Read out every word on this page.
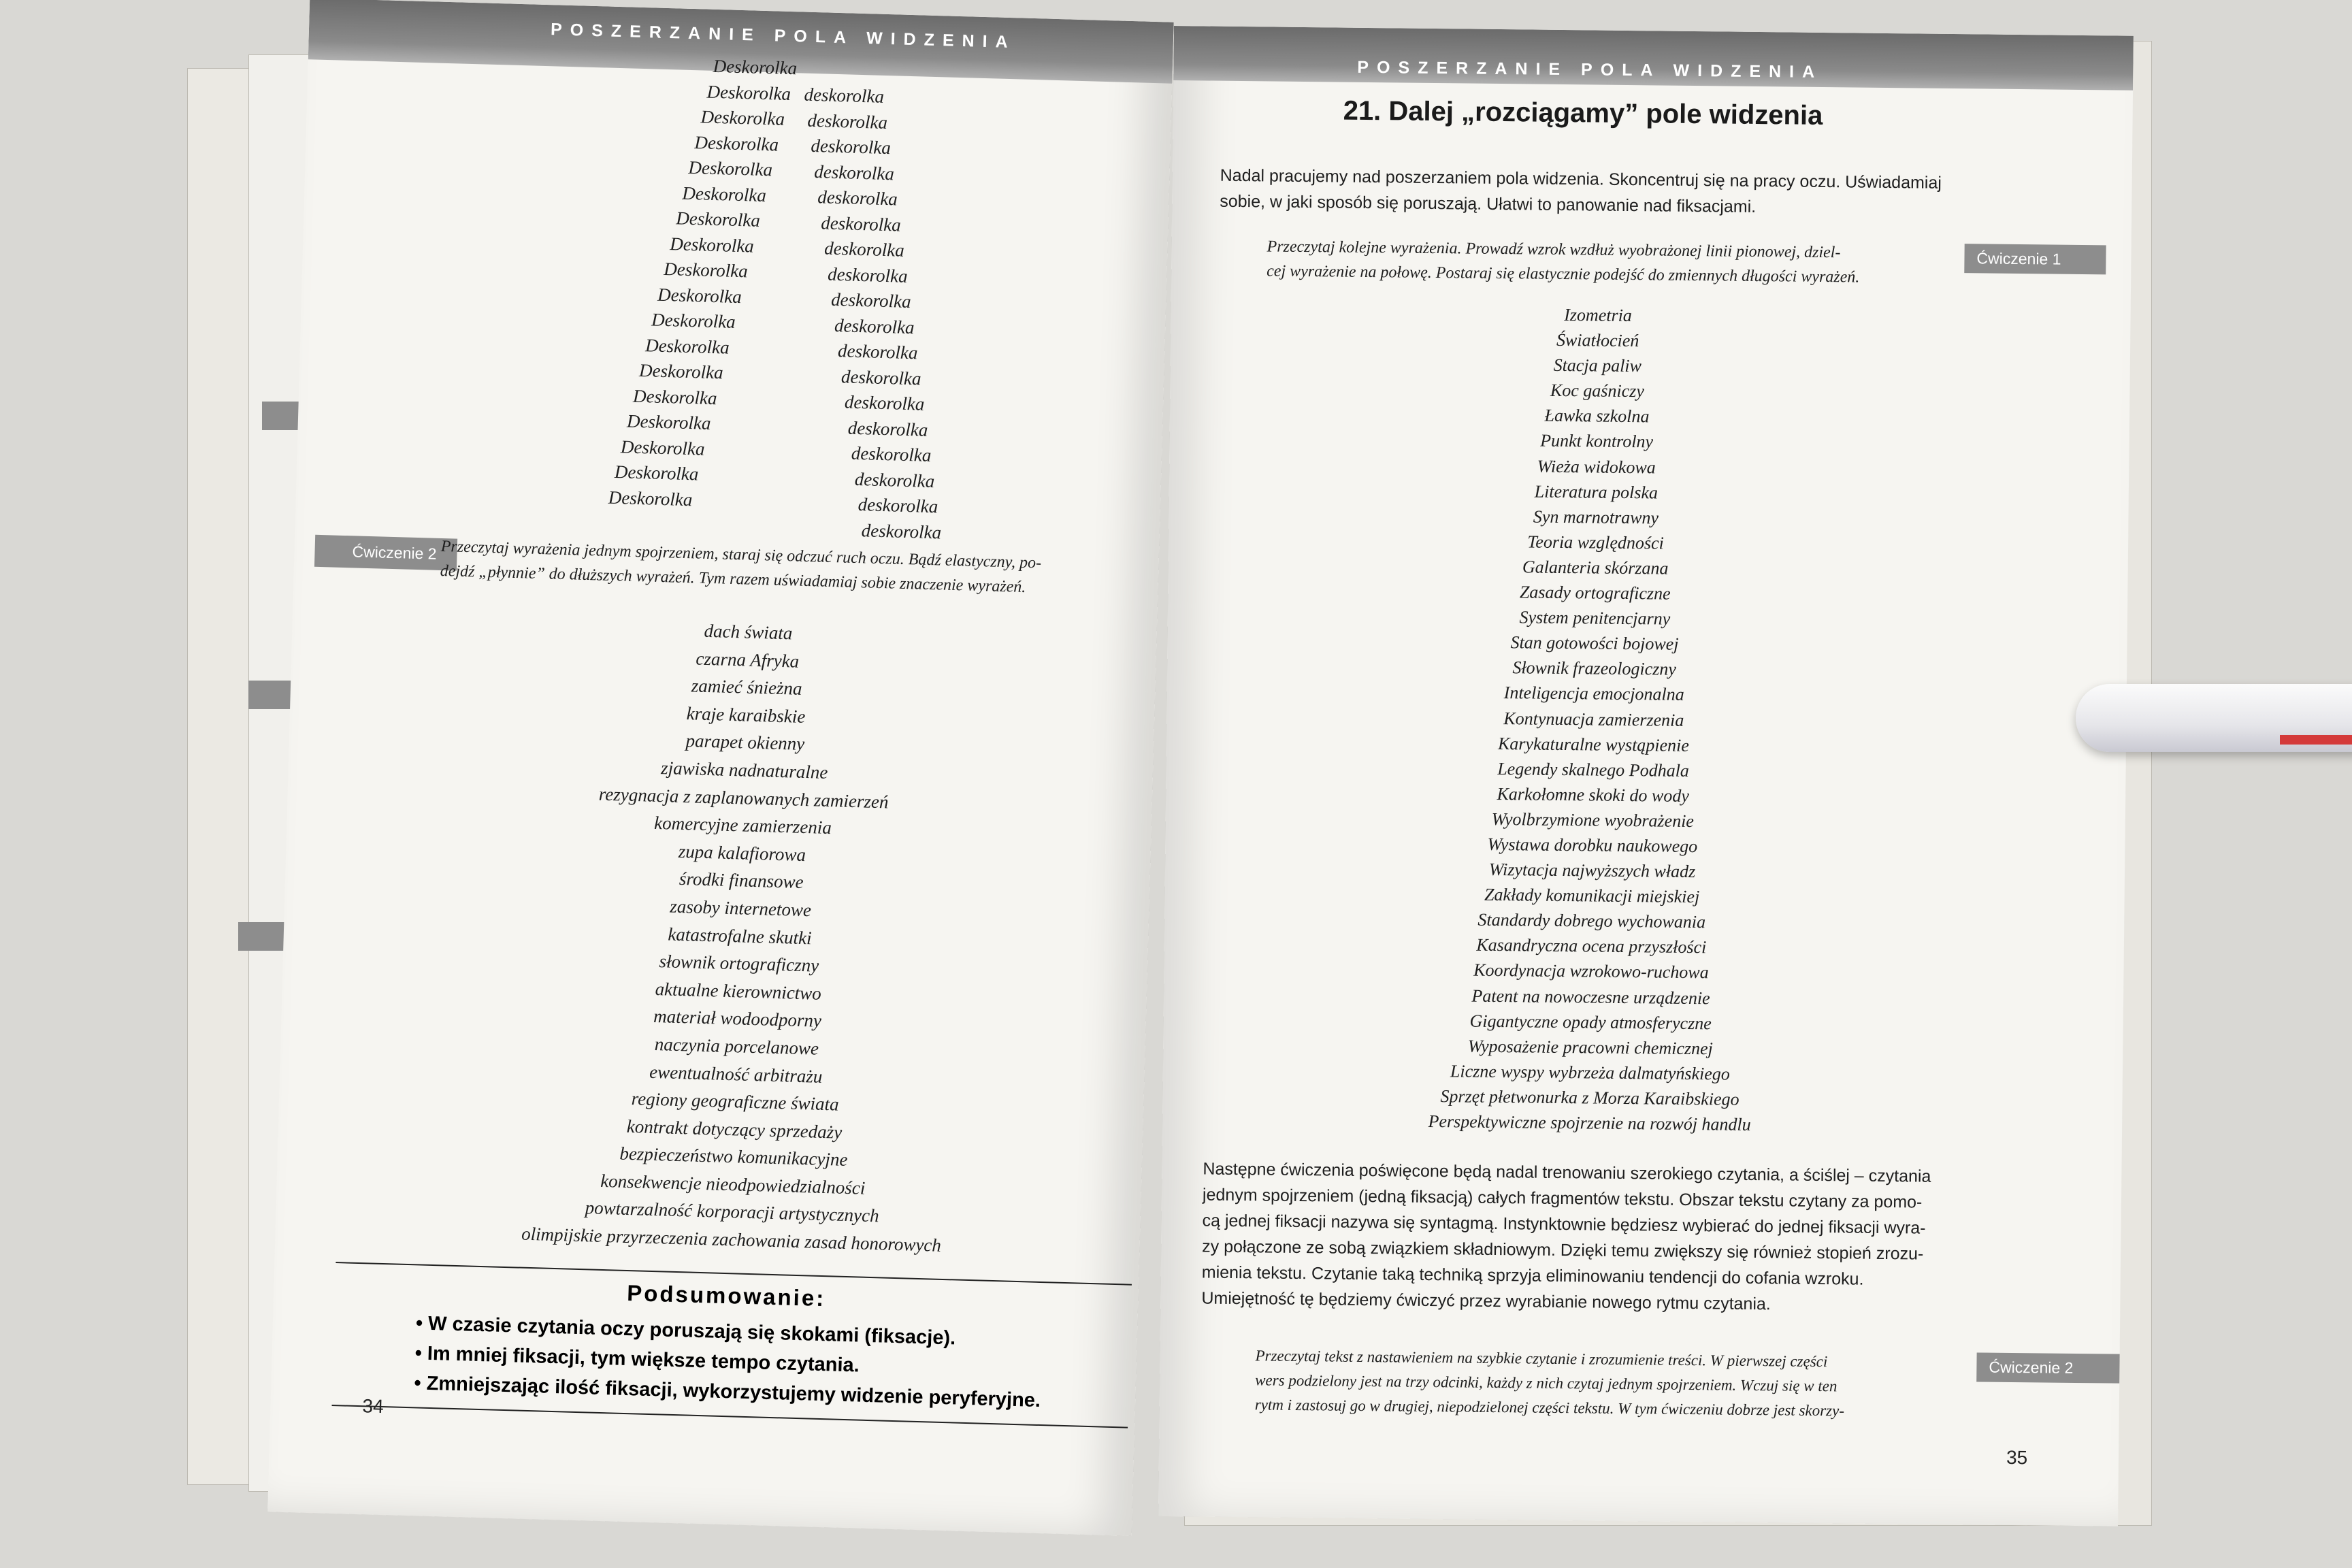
POSZERZANIE POLA WIDZENIA
Deskorolka
Deskorolka
Deskorolka
Deskorolka
Deskorolka
Deskorolka
Deskorolka
Deskorolka
Deskorolka
Deskorolka
Deskorolka
Deskorolka
Deskorolka
Deskorolka
Deskorolka
Deskorolka
Deskorolka
Deskorolka
deskorolka
deskorolka
deskorolka
deskorolka
deskorolka
deskorolka
deskorolka
deskorolka
deskorolka
deskorolka
deskorolka
deskorolka
deskorolka
deskorolka
deskorolka
deskorolka
deskorolka
deskorolka
Ćwiczenie 2 Przeczytaj wyrażenia jednym spojrzeniem, staraj się odczuć ruch oczu. Bądź elastyczny, po-
dejdź „płynnie” do dłuższych wyrażeń. Tym razem uświadamiaj sobie znaczenie wyrażeń.
dach świata
czarna Afryka
zamieć śnieżna
kraje karaibskie
parapet okienny
zjawiska nadnaturalne
rezygnacja z zaplanowanych zamierzeń
komercyjne zamierzenia
zupa kalafiorowa
środki finansowe
zasoby internetowe
katastrofalne skutki
słownik ortograficzny
aktualne kierownictwo
materiał wodoodporny
naczynia porcelanowe
ewentualność arbitrażu
regiony geograficzne świata
kontrakt dotyczący sprzedaży
bezpieczeństwo komunikacyjne
konsekwencje nieodpowiedzialności
powtarzalność korporacji artystycznych
olimpijskie przyrzeczenia zachowania zasad honorowych
Podsumowanie:
• W czasie czytania oczy poruszają się skokami (fiksacje).
• Im mniej fiksacji, tym większe tempo czytania.
• Zmniejszając ilość fiksacji, wykorzystujemy widzenie peryferyjne.
34
POSZERZANIE POLA WIDZENIA
21. Dalej „rozciągamy” pole widzenia
Nadal pracujemy nad poszerzaniem pola widzenia. Skoncentruj się na pracy oczu. Uświadamiaj
sobie, w jaki sposób się poruszają. Ułatwi to panowanie nad fiksacjami.
Przeczytaj kolejne wyrażenia. Prowadź wzrok wzdłuż wyobrażonej linii pionowej, dziel-
cej wyrażenie na połowę. Postaraj się elastycznie podejść do zmiennych długości wyrażeń.
Ćwiczenie 1
Izometria
Światłocień
Stacja paliw
Koc gaśniczy
Ławka szkolna
Punkt kontrolny
Wieża widokowa
Literatura polska
Syn marnotrawny
Teoria względności
Galanteria skórzana
Zasady ortograficzne
System penitencjarny
Stan gotowości bojowej
Słownik frazeologiczny
Inteligencja emocjonalna
Kontynuacja zamierzenia
Karykaturalne wystąpienie
Legendy skalnego Podhala
Karkołomne skoki do wody
Wyolbrzymione wyobrażenie
Wystawa dorobku naukowego
Wizytacja najwyższych władz
Zakłady komunikacji miejskiej
Standardy dobrego wychowania
Kasandryczna ocena przyszłości
Koordynacja wzrokowo-ruchowa
Patent na nowoczesne urządzenie
Gigantyczne opady atmosferyczne
Wyposażenie pracowni chemicznej
Liczne wyspy wybrzeża dalmatyńskiego
Sprzęt płetwonurka z Morza Karaibskiego
Perspektywiczne spojrzenie na rozwój handlu
Następne ćwiczenia poświęcone będą nadal trenowaniu szerokiego czytania, a ściślej – czytania
jednym spojrzeniem (jedną fiksacją) całych fragmentów tekstu. Obszar tekstu czytany za pomo-
cą jednej fiksacji nazywa się syntagmą. Instynktownie będziesz wybierać do jednej fiksacji wyra-
zy połączone ze sobą związkiem składniowym. Dzięki temu zwiększy się również stopień zrozu-
mienia tekstu. Czytanie taką techniką sprzyja eliminowaniu tendencji do cofania wzroku.
Umiejętność tę będziemy ćwiczyć przez wyrabianie nowego rytmu czytania.
Przeczytaj tekst z nastawieniem na szybkie czytanie i zrozumienie treści. W pierwszej części
wers podzielony jest na trzy odcinki, każdy z nich czytaj jednym spojrzeniem. Wczuj się w ten
rytm i zastosuj go w drugiej, niepodzielonej części tekstu. W tym ćwiczeniu dobrze jest skorzy-
Ćwiczenie 2
35
